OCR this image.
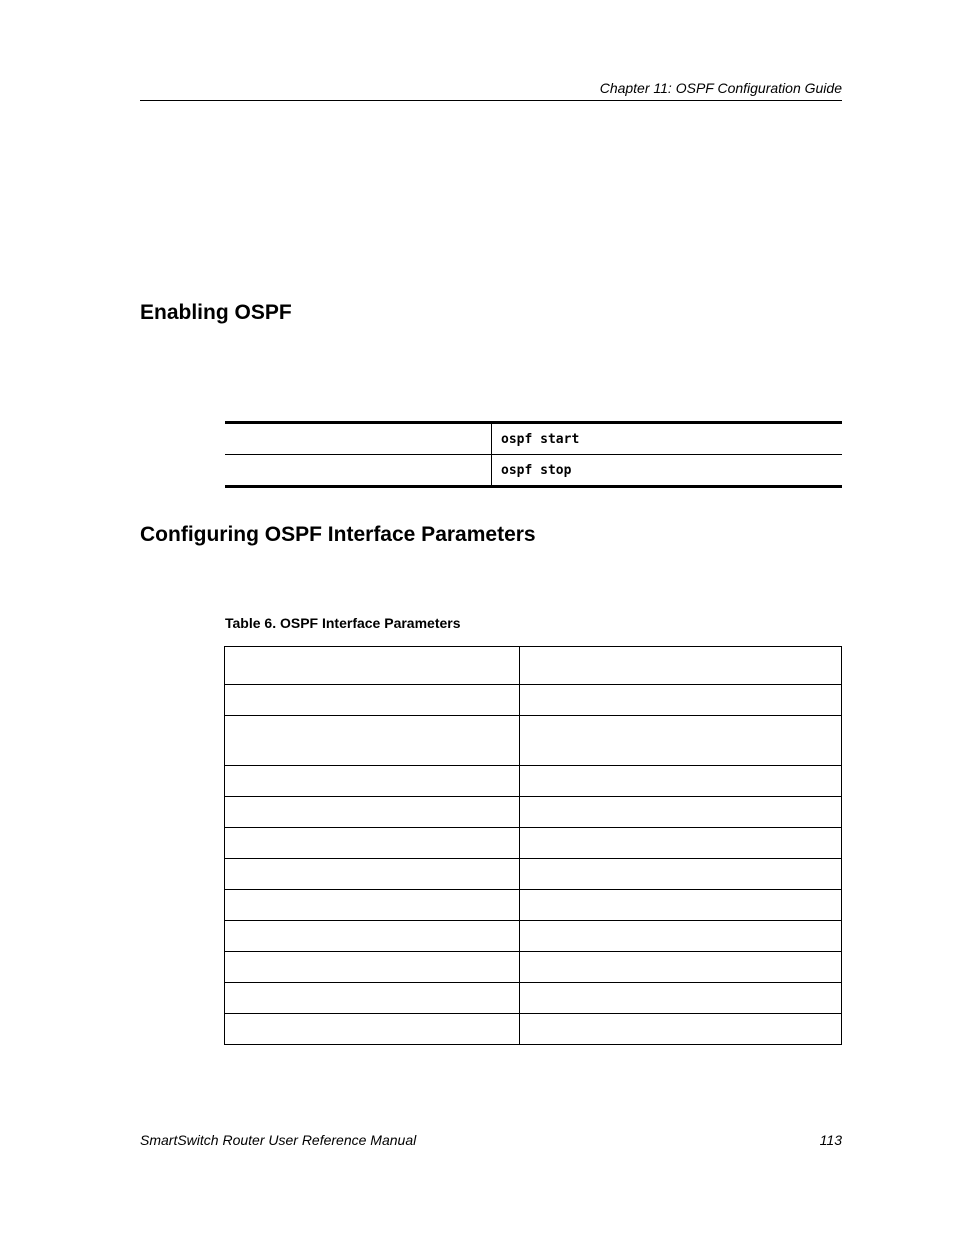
Chapter 11: OSPF Configuration Guide
Enabling OSPF
	ospf start
	ospf stop
Configuring OSPF Interface Parameters
Table 6. OSPF Interface Parameters

SmartSwitch Router User Reference Manual	113
